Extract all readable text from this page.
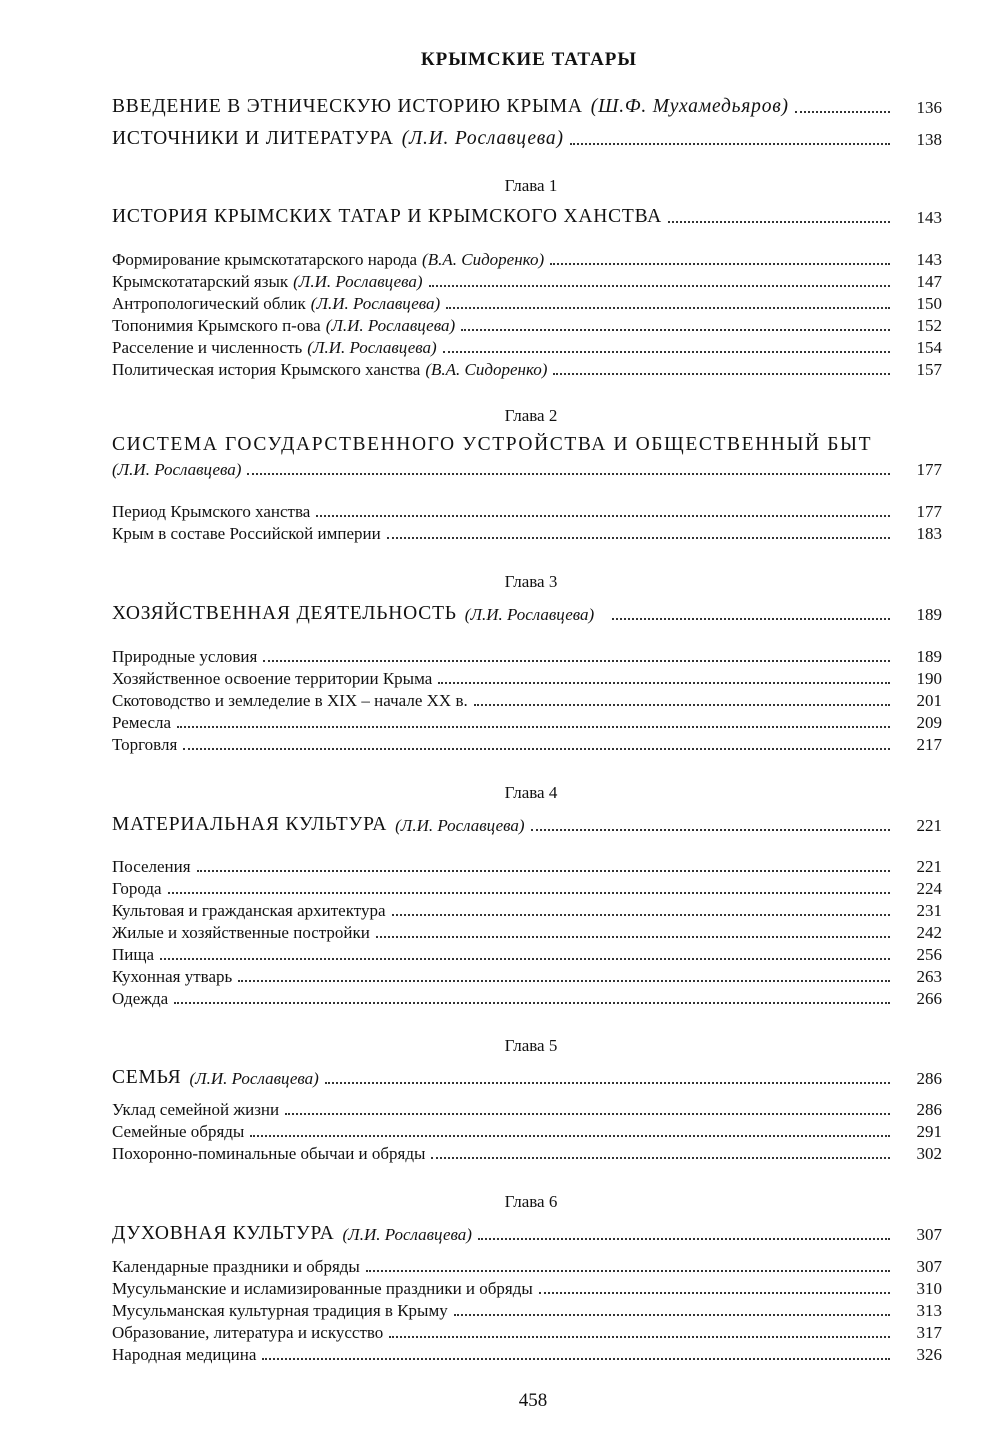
КРЫМСКИЕ ТАТАРЫ
ВВЕДЕНИЕ В ЭТНИЧЕСКУЮ ИСТОРИЮ КРЫМА (Ш.Ф. Мухамедьяров)	136
ИСТОЧНИКИ И ЛИТЕРАТУРА (Л.И. Рославцева)	138
Глава 1
ИСТОРИЯ КРЫМСКИХ ТАТАР И КРЫМСКОГО ХАНСТВА	143
Формирование крымскотатарского народа (В.А. Сидоренко)	143
Крымскотатарский язык (Л.И. Рославцева)	147
Антропологический облик (Л.И. Рославцева)	150
Топонимия Крымского п-ова (Л.И. Рославцева)	152
Расселение и численность (Л.И. Рославцева)	154
Политическая история Крымского ханства (В.А. Сидоренко)	157
Глава 2
СИСТЕМА ГОСУДАРСТВЕННОГО УСТРОЙСТВА И ОБЩЕСТВЕННЫЙ БЫТ
(Л.И. Рославцева)	177
Период Крымского ханства	177
Крым в составе Российской империи	183
Глава 3
ХОЗЯЙСТВЕННАЯ ДЕЯТЕЛЬНОСТЬ (Л.И. Рославцева)	189
Природные условия	189
Хозяйственное освоение территории Крыма	190
Скотоводство и земледелие в XIX – начале XX в.	201
Ремесла	209
Торговля	217
Глава 4
МАТЕРИАЛЬНАЯ КУЛЬТУРА (Л.И. Рославцева)	221
Поселения	221
Города	224
Культовая и гражданская архитектура	231
Жилые и хозяйственные постройки	242
Пища	256
Кухонная утварь	263
Одежда	266
Глава 5
СЕМЬЯ (Л.И. Рославцева)	286
Уклад семейной жизни	286
Семейные обряды	291
Похоронно-поминальные обычаи и обряды	302
Глава 6
ДУХОВНАЯ КУЛЬТУРА (Л.И. Рославцева)	307
Календарные праздники и обряды	307
Мусульманские и исламизированные праздники и обряды	310
Мусульманская культурная традиция в Крыму	313
Образование, литература и искусство	317
Народная медицина	326
458
